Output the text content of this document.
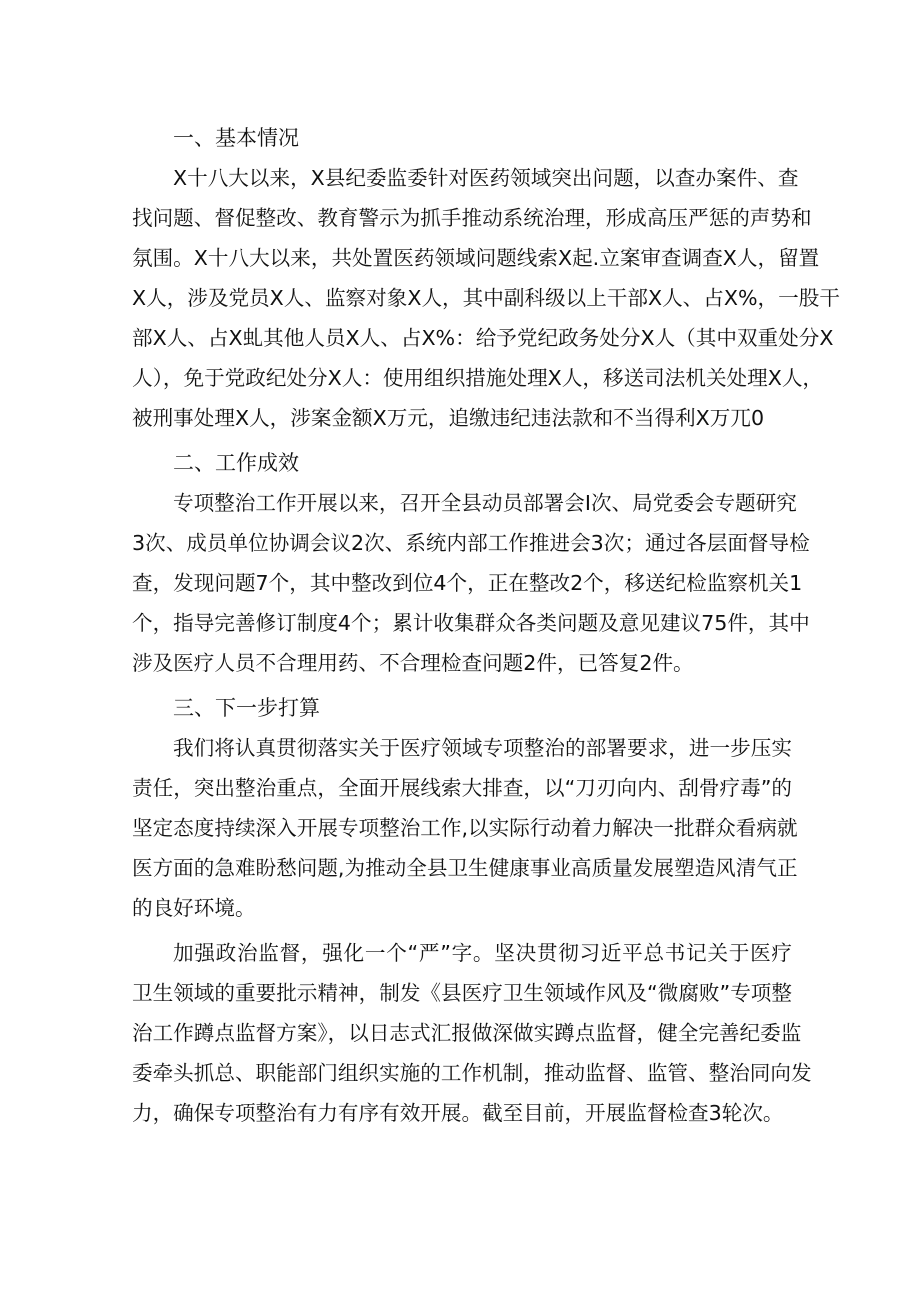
一、基本情况
X十八大以来，X县纪委监委针对医药领域突出问题，以查办案件、查
找问题、督促整改、教育警示为抓手推动系统治理，形成高压严惩的声势和
氛围。X十八大以来，共处置医药领域问题线索X起.立案审查调查X人，留置
X人，涉及党员X人、监察对象X人，其中副科级以上干部X人、占X%，一股干
部X人、占X虬其他人员X人、占X%：给予党纪政务处分X人（其中双重处分X
人），免于党政纪处分X人：使用组织措施处理X人，移送司法机关处理X人，
被刑事处理X人，涉案金额X万元，追缴违纪违法款和不当得利X万兀0
二、工作成效
专项整治工作开展以来，召开全县动员部署会I次、局党委会专题研究
3次、成员单位协调会议2次、系统内部工作推进会3次；通过各层面督导检
查，发现问题7个，其中整改到位4个，正在整改2个，移送纪检监察机关1
个，指导完善修订制度4个；累计收集群众各类问题及意见建议75件，其中
涉及医疗人员不合理用药、不合理检查问题2件，已答复2件。
三、下一步打算
我们将认真贯彻落实关于医疗领域专项整治的部署要求，进一步压实
责任，突出整治重点，全面开展线索大排查，以“刀刃向内、刮骨疗毒”的
坚定态度持续深入开展专项整治工作,以实际行动着力解决一批群众看病就
医方面的急难盼愁问题,为推动全县卫生健康事业高质量发展塑造风清气正
的良好环境。
加强政治监督，强化一个“严”字。坚决贯彻习近平总书记关于医疗
卫生领域的重要批示精神，制发《县医疗卫生领域作风及“微腐败”专项整
治工作蹲点监督方案》，以日志式汇报做深做实蹲点监督，健全完善纪委监
委牵头抓总、职能部门组织实施的工作机制，推动监督、监管、整治同向发
力，确保专项整治有力有序有效开展。截至目前，开展监督检查3轮次。
